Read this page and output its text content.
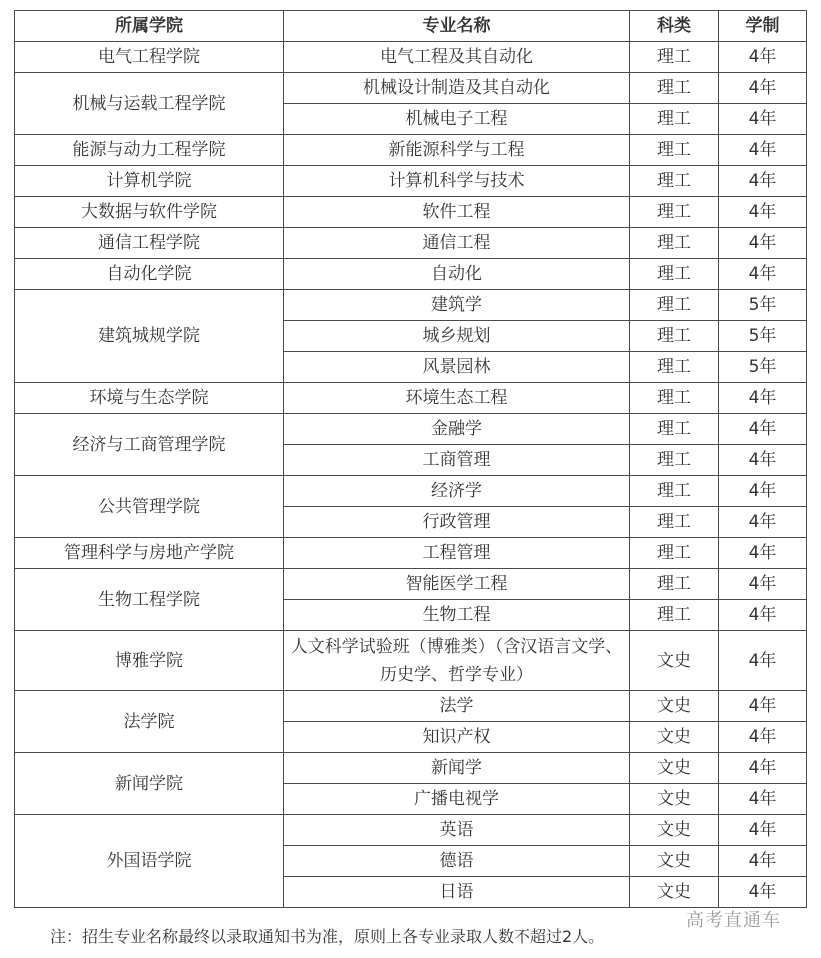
所属学院	专业名称	科类	学制
电气工程学院	电气工程及其自动化	理工	4年
机械与运载工程学院	机械设计制造及其自动化	理工	4年
	机械电子工程	理工	4年
能源与动力工程学院	新能源科学与工程	理工	4年
计算机学院	计算机科学与技术	理工	4年
大数据与软件学院	软件工程	理工	4年
通信工程学院	通信工程	理工	4年
自动化学院	自动化	理工	4年
建筑城规学院	建筑学	理工	5年
	城乡规划	理工	5年
	风景园林	理工	5年
环境与生态学院	环境生态工程	理工	4年
经济与工商管理学院	金融学	理工	4年
	工商管理	理工	4年
公共管理学院	经济学	理工	4年
	行政管理	理工	4年
管理科学与房地产学院	工程管理	理工	4年
生物工程学院	智能医学工程	理工	4年
	生物工程	理工	4年
博雅学院	人文科学试验班（博雅类）（含汉语言文学、历史学、哲学专业）	文史	4年
法学院	法学	文史	4年
	知识产权	文史	4年
新闻学院	新闻学	文史	4年
	广播电视学	文史	4年
外国语学院	英语	文史	4年
	德语	文史	4年
	日语	文史	4年
注：招生专业名称最终以录取通知书为准，原则上各专业录取人数不超过2人。
高考直通车
